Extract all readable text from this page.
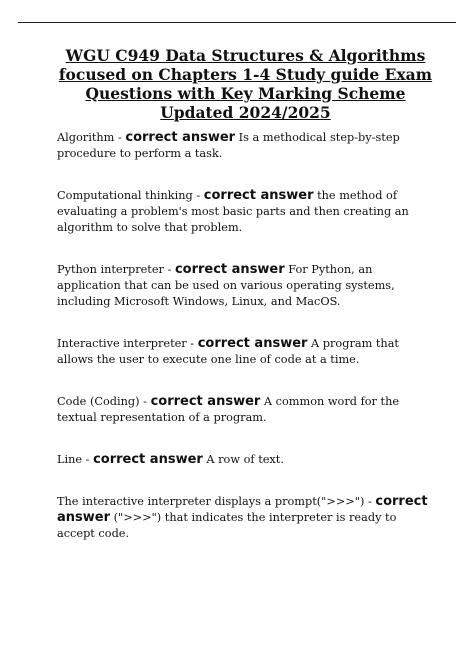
WGU C949 Data Structures & Algorithms focused on Chapters 1-4 Study guide Exam Questions with Key Marking Scheme Updated 2024/2025

Algorithm - correct answer Is a methodical step-by-step procedure to perform a task.

Computational thinking - correct answer the method of evaluating a problem's most basic parts and then creating an algorithm to solve that problem.

Python interpreter - correct answer For Python, an application that can be used on various operating systems, including Microsoft Windows, Linux, and MacOS.

Interactive interpreter - correct answer A program that allows the user to execute one line of code at a time.

Code (Coding) - correct answer A common word for the textual representation of a program.

Line - correct answer A row of text.

The interactive interpreter displays a prompt(">>>") - correct answer (">>>") that indicates the interpreter is ready to accept code.
